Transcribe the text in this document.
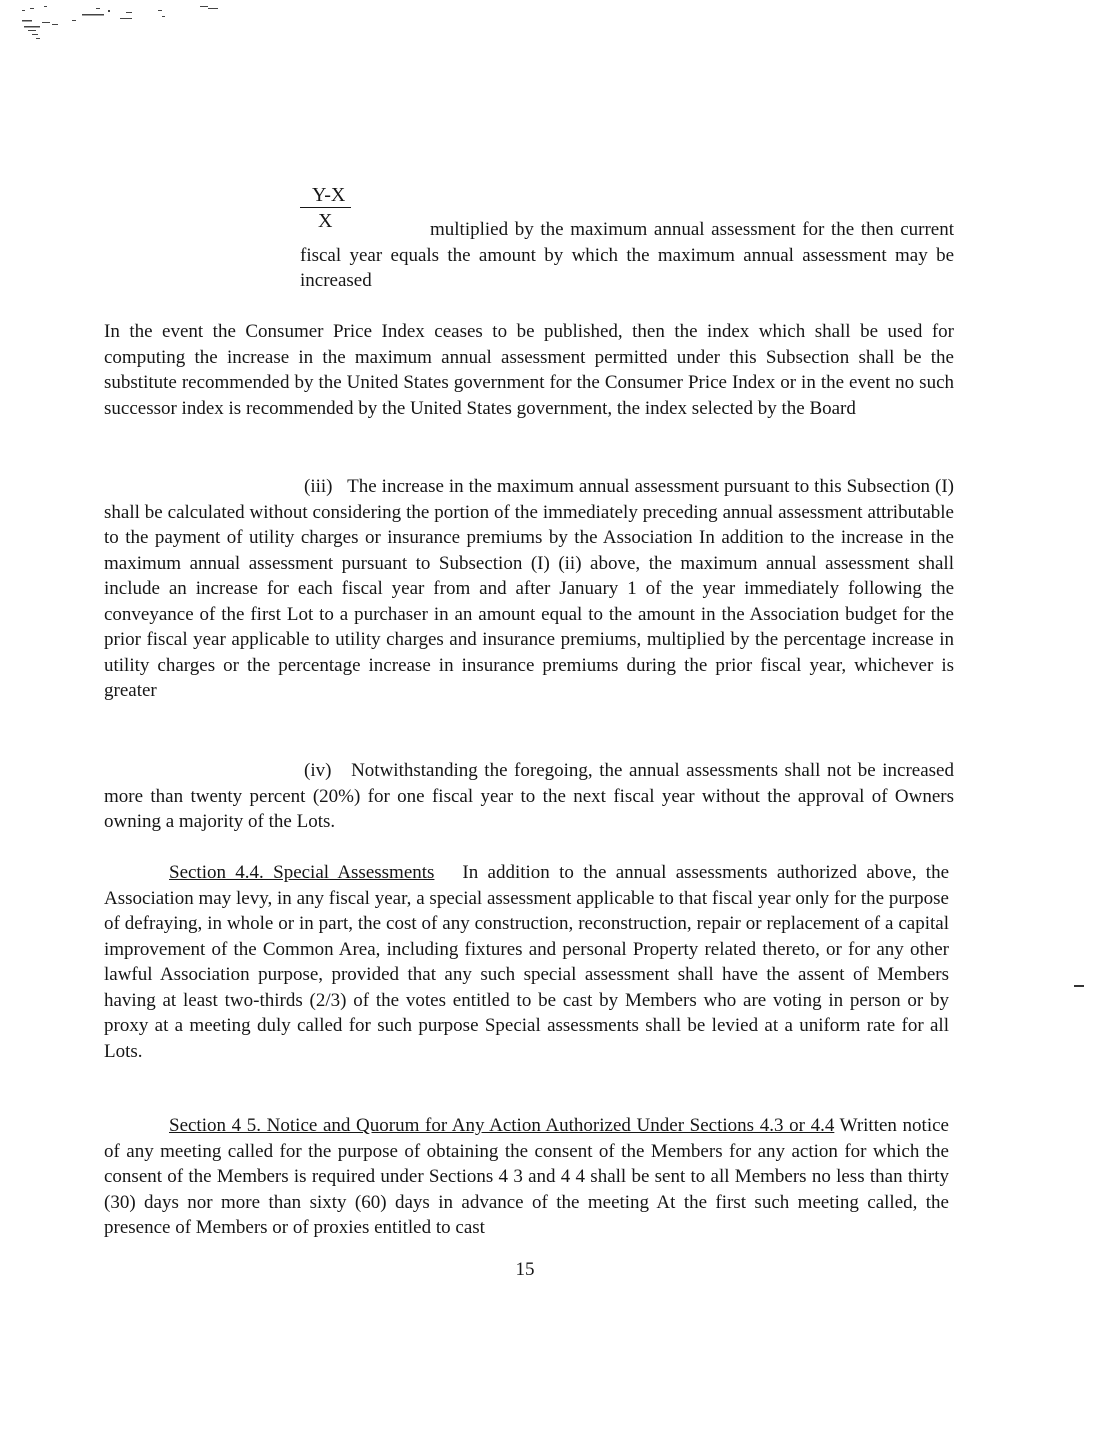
$\frac{Y-X}{X}$	multiplied by the maximum annual assessment for the then current fiscal year equals the amount by which the maximum annual assessment may be increased

In the event the Consumer Price Index ceases to be published, then the index which shall be used for computing the increase in the maximum annual assessment permitted under this Subsection shall be the substitute recommended by the United States government for the Consumer Price Index or in the event no such successor index is recommended by the United States government, the index selected by the Board

(iii) The increase in the maximum annual assessment pursuant to this Subsection (I) shall be calculated without considering the portion of the immediately preceding annual assessment attributable to the payment of utility charges or insurance premiums by the Association In addition to the increase in the maximum annual assessment pursuant to Subsection (I) (ii) above, the maximum annual assessment shall include an increase for each fiscal year from and after January 1 of the year immediately following the conveyance of the first Lot to a purchaser in an amount equal to the amount in the Association budget for the prior fiscal year applicable to utility charges and insurance premiums, multiplied by the percentage increase in utility charges or the percentage increase in insurance premiums during the prior fiscal year, whichever is greater

(iv) Notwithstanding the foregoing, the annual assessments shall not be increased more than twenty percent (20%) for one fiscal year to the next fiscal year without the approval of Owners owning a majority of the Lots.

Section 4.4. Special Assessments In addition to the annual assessments authorized above, the Association may levy, in any fiscal year, a special assessment applicable to that fiscal year only for the purpose of defraying, in whole or in part, the cost of any construction, reconstruction, repair or replacement of a capital improvement of the Common Area, including fixtures and personal Property related thereto, or for any other lawful Association purpose, provided that any such special assessment shall have the assent of Members having at least two-thirds (2/3) of the votes entitled to be cast by Members who are voting in person or by proxy at a meeting duly called for such purpose Special assessments shall be levied at a uniform rate for all Lots.

Section 4 5. Notice and Quorum for Any Action Authorized Under Sections 4.3 or 4.4 Written notice of any meeting called for the purpose of obtaining the consent of the Members for any action for which the consent of the Members is required under Sections 4 3 and 4 4 shall be sent to all Members no less than thirty (30) days nor more than sixty (60) days in advance of the meeting At the first such meeting called, the presence of Members or of proxies entitled to cast

15
